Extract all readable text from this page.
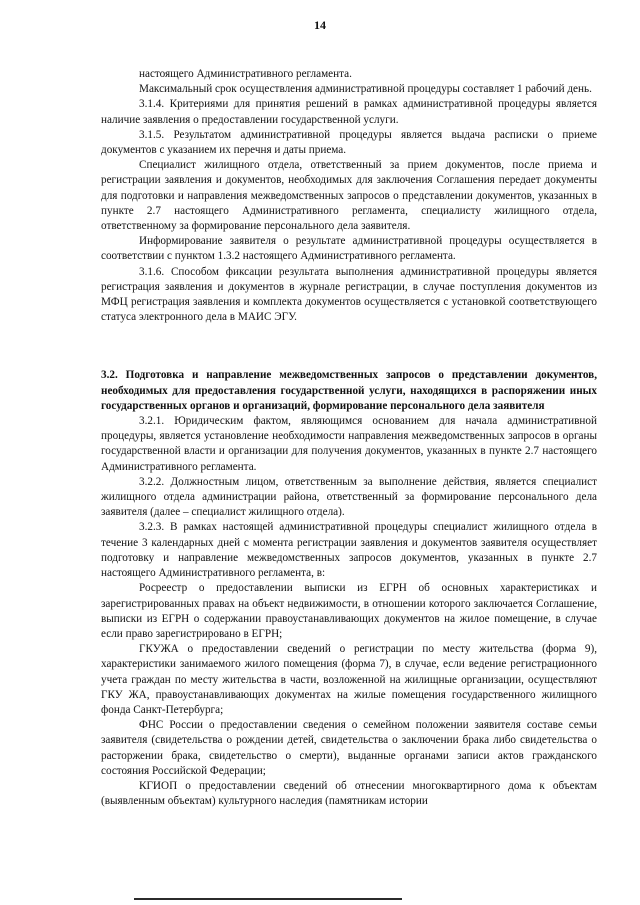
14

настоящего Административного регламента.

Максимальный срок осуществления административной процедуры составляет 1 рабочий день.

3.1.4. Критериями для принятия решений в рамках административной процедуры является наличие заявления о предоставлении государственной услуги.

3.1.5. Результатом административной процедуры является выдача расписки о приеме документов с указанием их перечня и даты приема.

Специалист жилищного отдела, ответственный за прием документов, после приема и регистрации заявления и документов, необходимых для заключения Соглашения передает документы для подготовки и направления межведомственных запросов о представлении документов, указанных в пункте 2.7 настоящего Административного регламента, специалисту жилищного отдела, ответственному за формирование персонального дела заявителя.

Информирование заявителя о результате административной процедуры осуществляется в соответствии с пунктом 1.3.2 настоящего Административного регламента.

3.1.6. Способом фиксации результата выполнения административной процедуры является регистрация заявления и документов в журнале регистрации, в случае поступления документов из МФЦ регистрация заявления и комплекта документов осуществляется с установкой соответствующего статуса электронного дела в МАИС ЭГУ.

3.2. Подготовка и направление межведомственных запросов о представлении документов, необходимых для предоставления государственной услуги, находящихся в распоряжении иных государственных органов и организаций, формирование персонального дела заявителя

3.2.1. Юридическим фактом, являющимся основанием для начала административной процедуры, является установление необходимости направления межведомственных запросов в органы государственной власти и организации для получения документов, указанных в пункте 2.7 настоящего Административного регламента.

3.2.2. Должностным лицом, ответственным за выполнение действия, является специалист жилищного отдела администрации района, ответственный за формирование персонального дела заявителя (далее – специалист жилищного отдела).

3.2.3. В рамках настоящей административной процедуры специалист жилищного отдела в течение 3 календарных дней с момента регистрации заявления и документов заявителя осуществляет подготовку и направление межведомственных запросов документов, указанных в пункте 2.7 настоящего Административного регламента, в:

Росреестр о предоставлении выписки из ЕГРН об основных характеристиках и зарегистрированных правах на объект недвижимости, в отношении которого заключается Соглашение, выписки из ЕГРН о содержании правоустанавливающих документов на жилое помещение, в случае если право зарегистрировано в ЕГРН;

ГКУЖА о предоставлении сведений о регистрации по месту жительства (форма 9), характеристики занимаемого жилого помещения (форма 7), в случае, если ведение регистрационного учета граждан по месту жительства в части, возложенной на жилищные организации, осуществляют ГКУ ЖА, правоустанавливающих документах на жилые помещения государственного жилищного фонда Санкт-Петербурга;

ФНС России о предоставлении сведения о семейном положении заявителя составе семьи заявителя (свидетельства о рождении детей, свидетельства о заключении брака либо свидетельства о расторжении брака, свидетельство о смерти), выданные органами записи актов гражданского состояния Российской Федерации;

КГИОП о предоставлении сведений об отнесении многоквартирного дома к объектам (выявленным объектам) культурного наследия (памятникам истории
